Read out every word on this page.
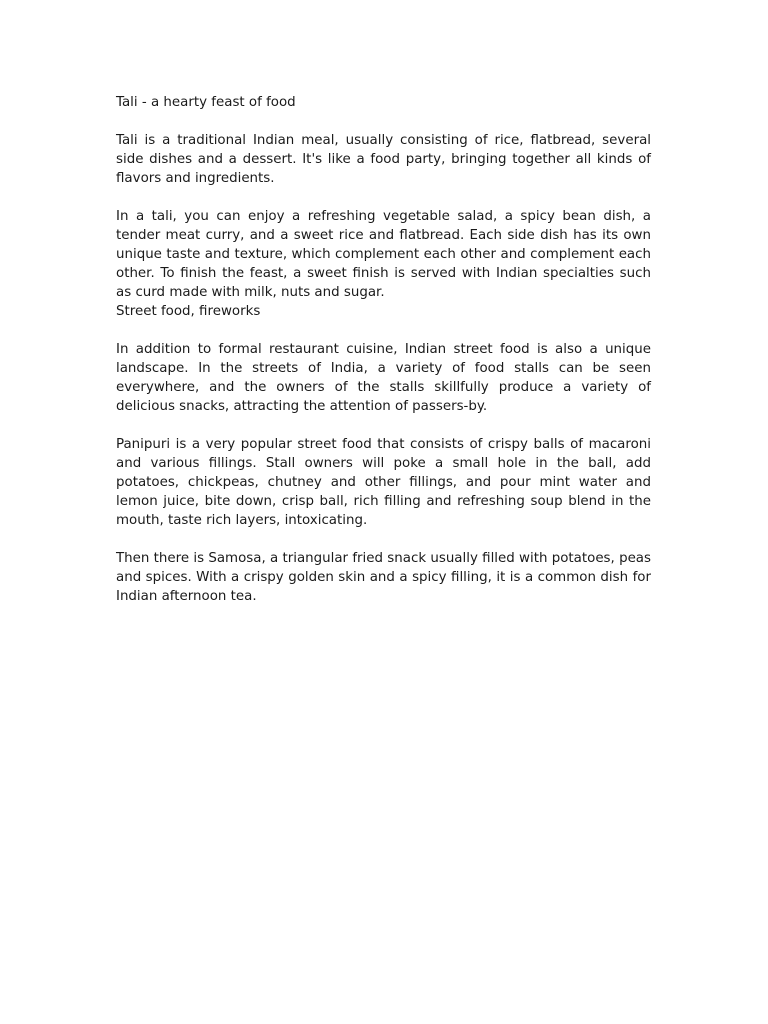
Tali - a hearty feast of food

Tali is a traditional Indian meal, usually consisting of rice, flatbread, several side dishes and a dessert. It's like a food party, bringing together all kinds of flavors and ingredients.

In a tali, you can enjoy a refreshing vegetable salad, a spicy bean dish, a tender meat curry, and a sweet rice and flatbread. Each side dish has its own unique taste and texture, which complement each other and complement each other. To finish the feast, a sweet finish is served with Indian specialties such as curd made with milk, nuts and sugar.

Street food, fireworks

In addition to formal restaurant cuisine, Indian street food is also a unique landscape. In the streets of India, a variety of food stalls can be seen everywhere, and the owners of the stalls skillfully produce a variety of delicious snacks, attracting the attention of passers-by.

Panipuri is a very popular street food that consists of crispy balls of macaroni and various fillings. Stall owners will poke a small hole in the ball, add potatoes, chickpeas, chutney and other fillings, and pour mint water and lemon juice, bite down, crisp ball, rich filling and refreshing soup blend in the mouth, taste rich layers, intoxicating.

Then there is Samosa, a triangular fried snack usually filled with potatoes, peas and spices. With a crispy golden skin and a spicy filling, it is a common dish for Indian afternoon tea.
